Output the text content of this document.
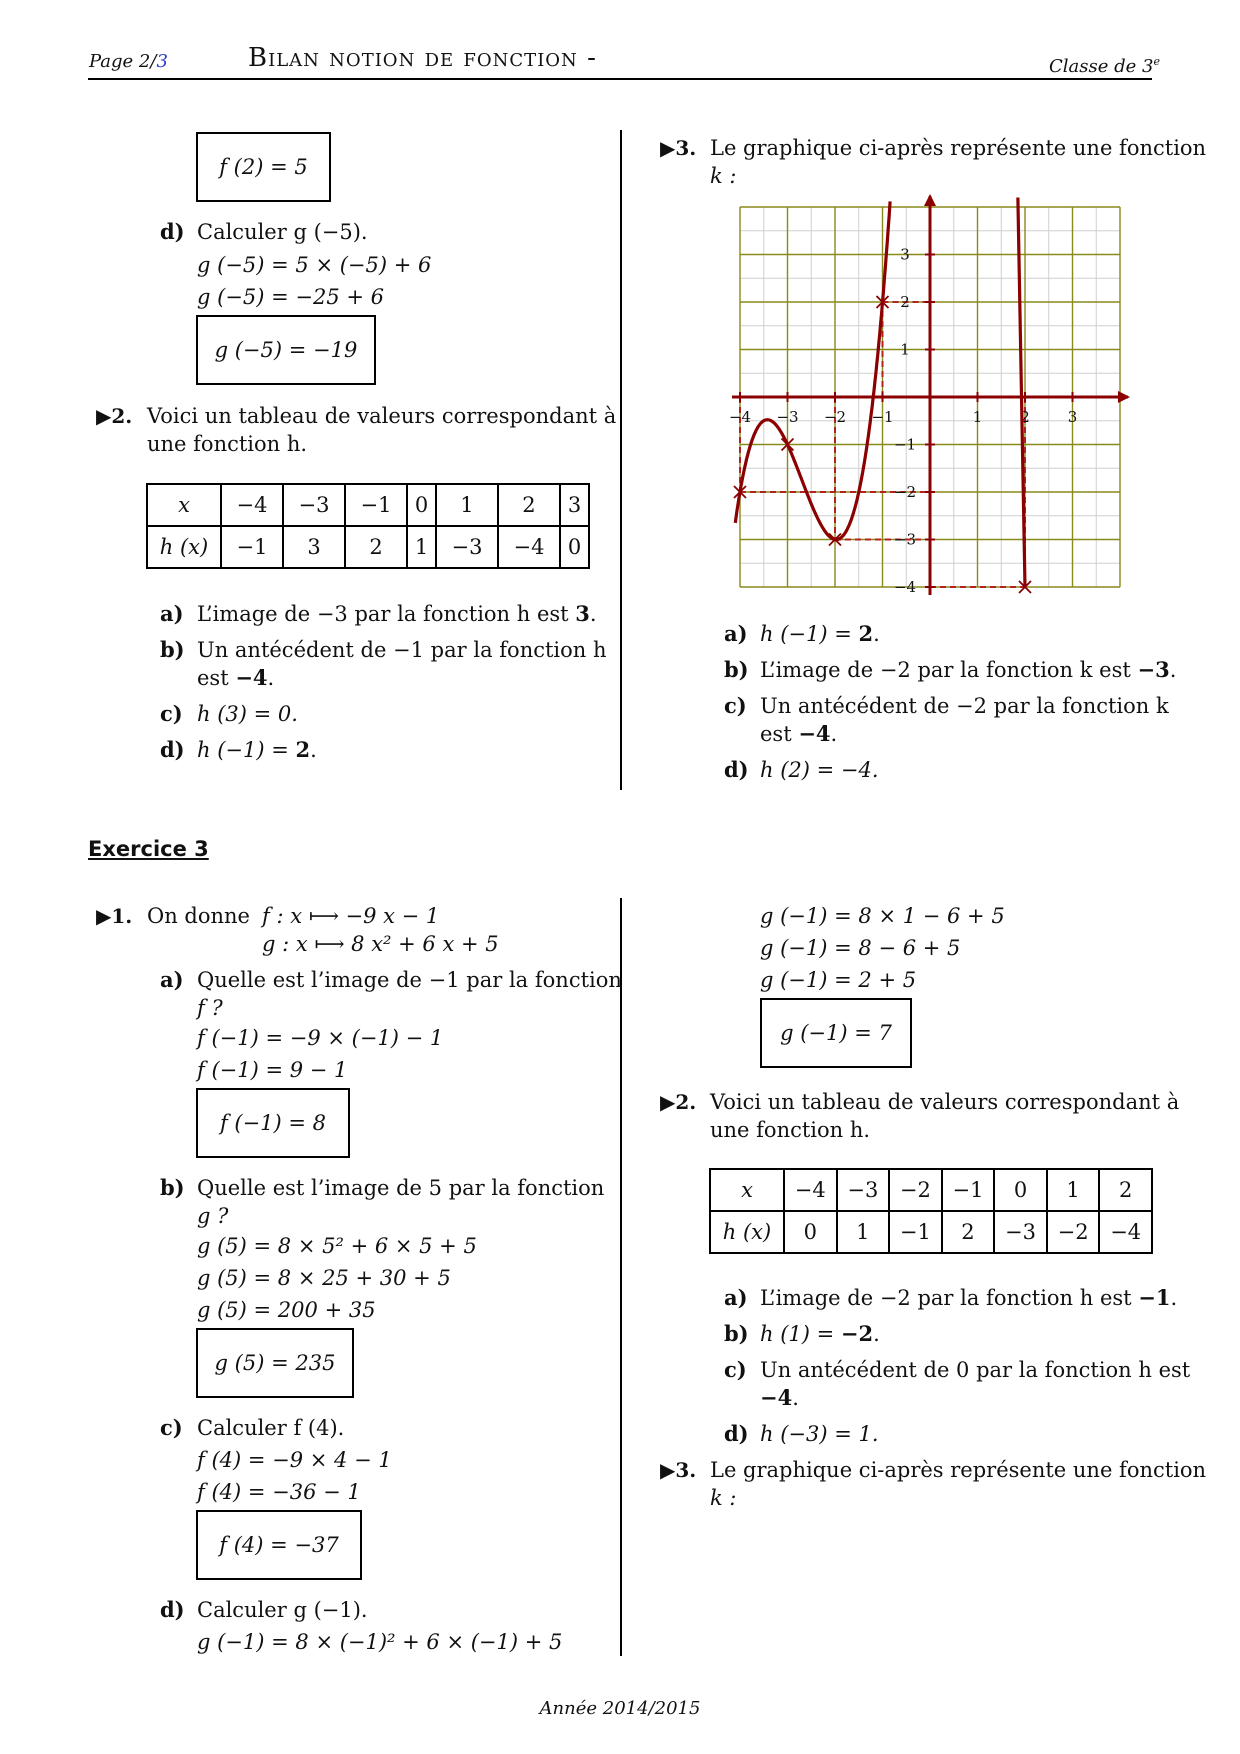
Page 2/3	Bilan notion de fonction -	Classe de 3e
f (2) = 5
d) Calculer g (−5).
g (−5) = 5 × (−5) + 6
g (−5) = −25 + 6
g (−5) = −19
▶2. Voici un tableau de valeurs correspondant à
une fonction h.
x	−4	−3	−1	0	1	2	3
h (x)	−1	3	2	1	−3	−4	0
a) L’image de −3 par la fonction h est 3.
b) Un antécédent de −1 par la fonction h
est −4.
c) h (3) = 0.
d) h (−1) = 2.
▶3. Le graphique ci-après représente une fonction
k :
−4 −3 −2 −1	1	2	3
3
2
1
−1
−2
−3
−4
a) h (−1) = 2.
b) L’image de −2 par la fonction k est −3.
c) Un antécédent de −2 par la fonction k
est −4.
d) h (2) = −4.
Exercice 3
▶1. On donne f : x ⟼ −9 x − 1
g : x ⟼ 8 x² + 6 x + 5
a) Quelle est l’image de −1 par la fonction
f ?
f (−1) = −9 × (−1) − 1
f (−1) = 9 − 1
f (−1) = 8
b) Quelle est l’image de 5 par la fonction
g ?
g (5) = 8 × 5² + 6 × 5 + 5
g (5) = 8 × 25 + 30 + 5
g (5) = 200 + 35
g (5) = 235
c) Calculer f (4).
f (4) = −9 × 4 − 1
f (4) = −36 − 1
f (4) = −37
d) Calculer g (−1).
g (−1) = 8 × (−1)² + 6 × (−1) + 5
g (−1) = 8 × 1 − 6 + 5
g (−1) = 8 − 6 + 5
g (−1) = 2 + 5
g (−1) = 7
▶2. Voici un tableau de valeurs correspondant à
une fonction h.
x	−4	−3	−2	−1	0	1	2
h (x)	0	1	−1	2	−3	−2	−4
a) L’image de −2 par la fonction h est −1.
b) h (1) = −2.
c) Un antécédent de 0 par la fonction h est
−4.
d) h (−3) = 1.
▶3. Le graphique ci-après représente une fonction
k :
Année 2014/2015
